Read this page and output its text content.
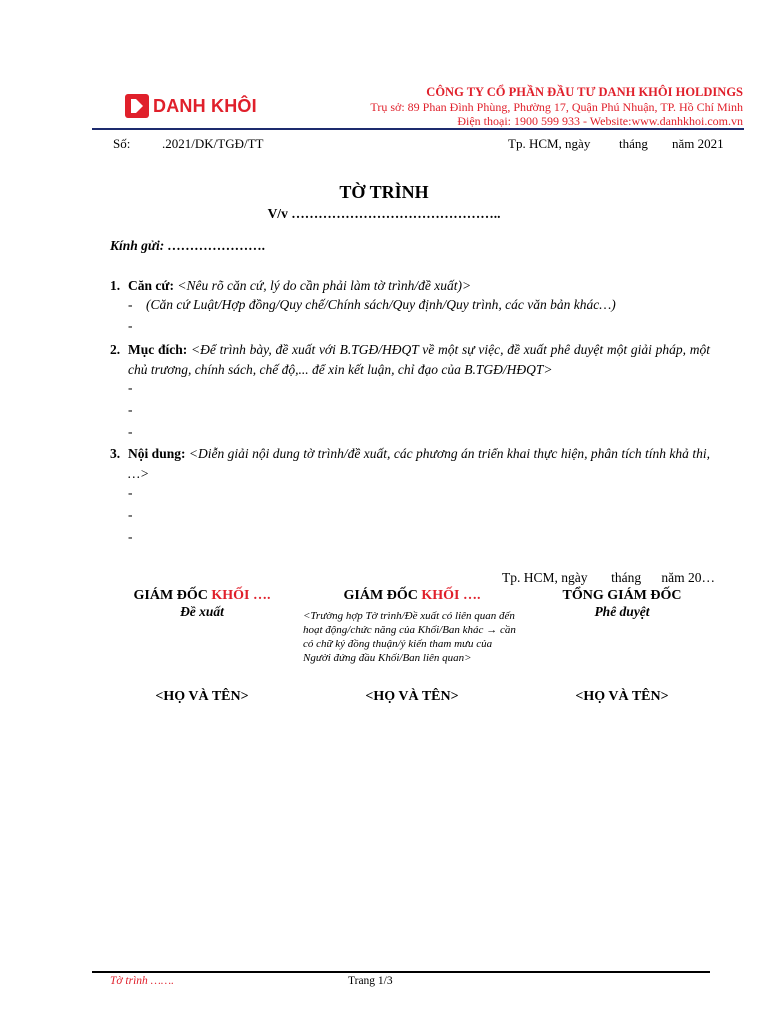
DANH KHÔI
CÔNG TY CỔ PHẦN ĐẦU TƯ DANH KHÔI HOLDINGS
Trụ sở: 89 Phan Đình Phùng, Phường 17, Quận Phú Nhuận, TP. Hồ Chí Minh
Điện thoại: 1900 599 933 - Website:www.danhkhoi.com.vn
Số: .2021/DK/TGĐ/TT	Tp. HCM, ngày tháng năm 2021
TỜ TRÌNH
V/v ………………………………………..
Kính gửi: ………………….
1. Căn cứ: <Nêu rõ căn cứ, lý do cần phải làm tờ trình/đề xuất)>
- (Căn cứ Luật/Hợp đồng/Quy chế/Chính sách/Quy định/Quy trình, các văn bản khác…)
-
2. Mục đích: <Để trình bày, đề xuất với B.TGĐ/HĐQT về một sự việc, đề xuất phê duyệt một giải pháp, một chủ trương, chính sách, chế độ,... để xin kết luận, chỉ đạo của B.TGĐ/HĐQT>
-
-
-
3. Nội dung: <Diễn giải nội dung tờ trình/đề xuất, các phương án triển khai thực hiện, phân tích tính khả thi, …>
-
-
-
Tp. HCM, ngày       tháng      năm 20…
GIÁM ĐỐC KHỐI ….
Đề xuất
<HỌ VÀ TÊN>
GIÁM ĐỐC KHỐI ….
<Trường hợp Tờ trình/Đề xuất có liên quan đến hoạt động/chức năng của Khối/Ban khác → cần có chữ ký đồng thuận/ý kiến tham mưu của Người đứng đầu Khối/Ban liên quan>
<HỌ VÀ TÊN>
TỔNG GIÁM ĐỐC
Phê duyệt
<HỌ VÀ TÊN>
Tờ trình …….	Trang 1/3
